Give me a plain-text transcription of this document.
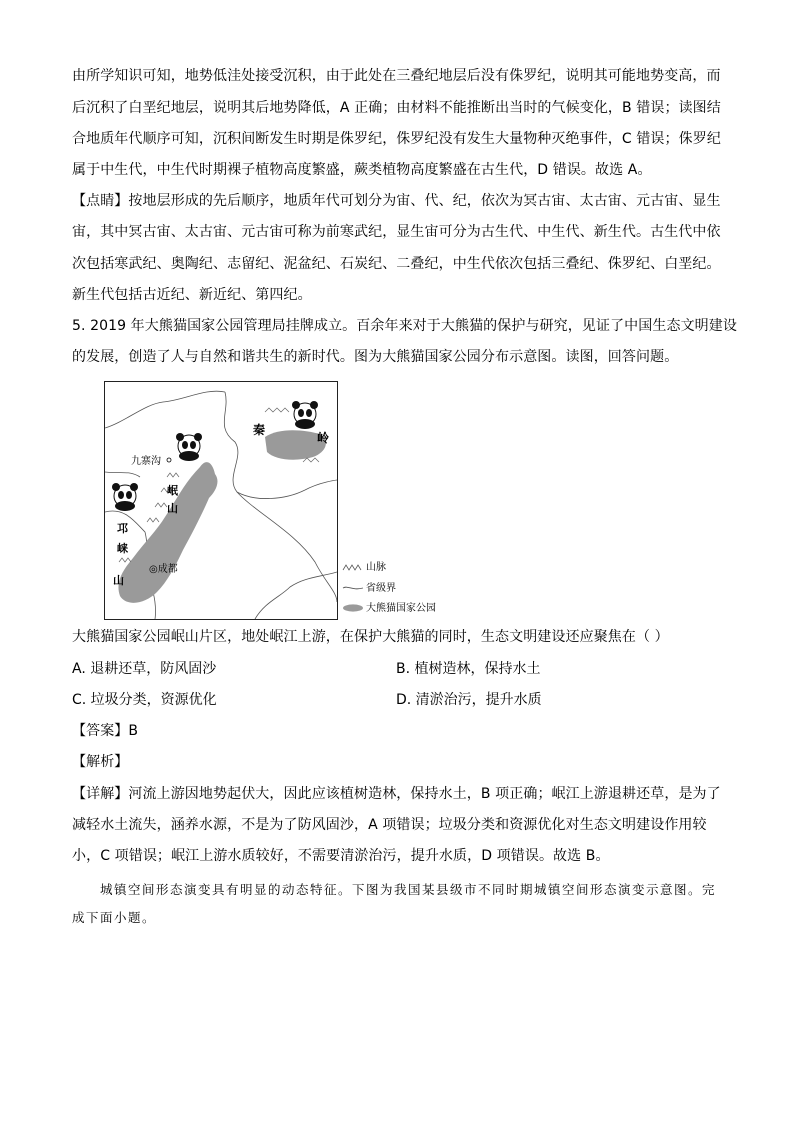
由所学知识可知，地势低洼处接受沉积，由于此处在三叠纪地层后没有侏罗纪，说明其可能地势变高，而
后沉积了白垩纪地层，说明其后地势降低，A 正确；由材料不能推断出当时的气候变化，B 错误；读图结
合地质年代顺序可知，沉积间断发生时期是侏罗纪，侏罗纪没有发生大量物种灭绝事件，C 错误；侏罗纪
属于中生代，中生代时期裸子植物高度繁盛，蕨类植物高度繁盛在古生代，D 错误。故选 A。
【点睛】按地层形成的先后顺序，地质年代可划分为宙、代、纪，依次为冥古宙、太古宙、元古宙、显生
宙，其中冥古宙、太古宙、元古宙可称为前寒武纪，显生宙可分为古生代、中生代、新生代。古生代中依
次包括寒武纪、奥陶纪、志留纪、泥盆纪、石炭纪、二叠纪，中生代依次包括三叠纪、侏罗纪、白垩纪。
新生代包括古近纪、新近纪、第四纪。
5. 2019 年大熊猫国家公园管理局挂牌成立。百余年来对于大熊猫的保护与研究，见证了中国生态文明建设
的发展，创造了人与自然和谐共生的新时代。图为大熊猫国家公园分布示意图。读图，回答问题。
九寨沟
◎成都
岷
山
邛
崃
山
秦
岭
山脉
省级界
大熊猫国家公园
大熊猫国家公园岷山片区，地处岷江上游，在保护大熊猫的同时，生态文明建设还应聚焦在（ ）
A. 退耕还草，防风固沙	B. 植树造林，保持水土
C. 垃圾分类，资源优化	D. 清淤治污，提升水质
【答案】B
【解析】
【详解】河流上游因地势起伏大，因此应该植树造林，保持水土，B 项正确；岷江上游退耕还草，是为了
减轻水土流失，涵养水源，不是为了防风固沙，A 项错误；垃圾分类和资源优化对生态文明建设作用较
小，C 项错误；岷江上游水质较好，不需要清淤治污，提升水质，D 项错误。故选 B。
城镇空间形态演变具有明显的动态特征。下图为我国某县级市不同时期城镇空间形态演变示意图。完
成下面小题。
